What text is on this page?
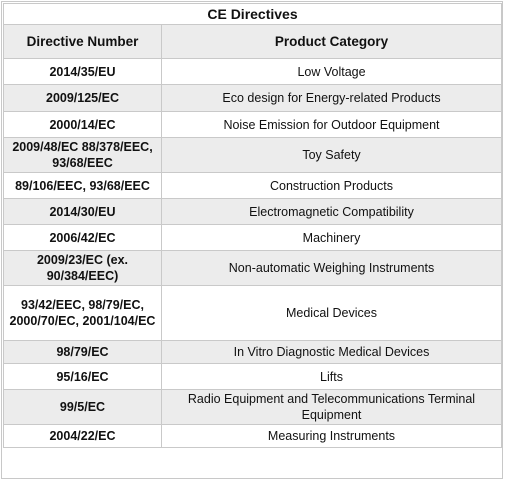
CE Directives	
Directive Number	Product Category
2014/35/EU	Low Voltage
2009/125/EC	Eco design for Energy-related Products
2000/14/EC	Noise Emission for Outdoor Equipment
2009/48/EC 88/378/EEC, 93/68/EEC	Toy Safety
89/106/EEC, 93/68/EEC	Construction Products
2014/30/EU	Electromagnetic Compatibility
2006/42/EC	Machinery
2009/23/EC (ex. 90/384/EEC)	Non-automatic Weighing Instruments
93/42/EEC, 98/79/EC, 2000/70/EC, 2001/104/EC	Medical Devices
98/79/EC	In Vitro Diagnostic Medical Devices
95/16/EC	Lifts
99/5/EC	Radio Equipment and Telecommunications Terminal Equipment
2004/22/EC	Measuring Instruments
